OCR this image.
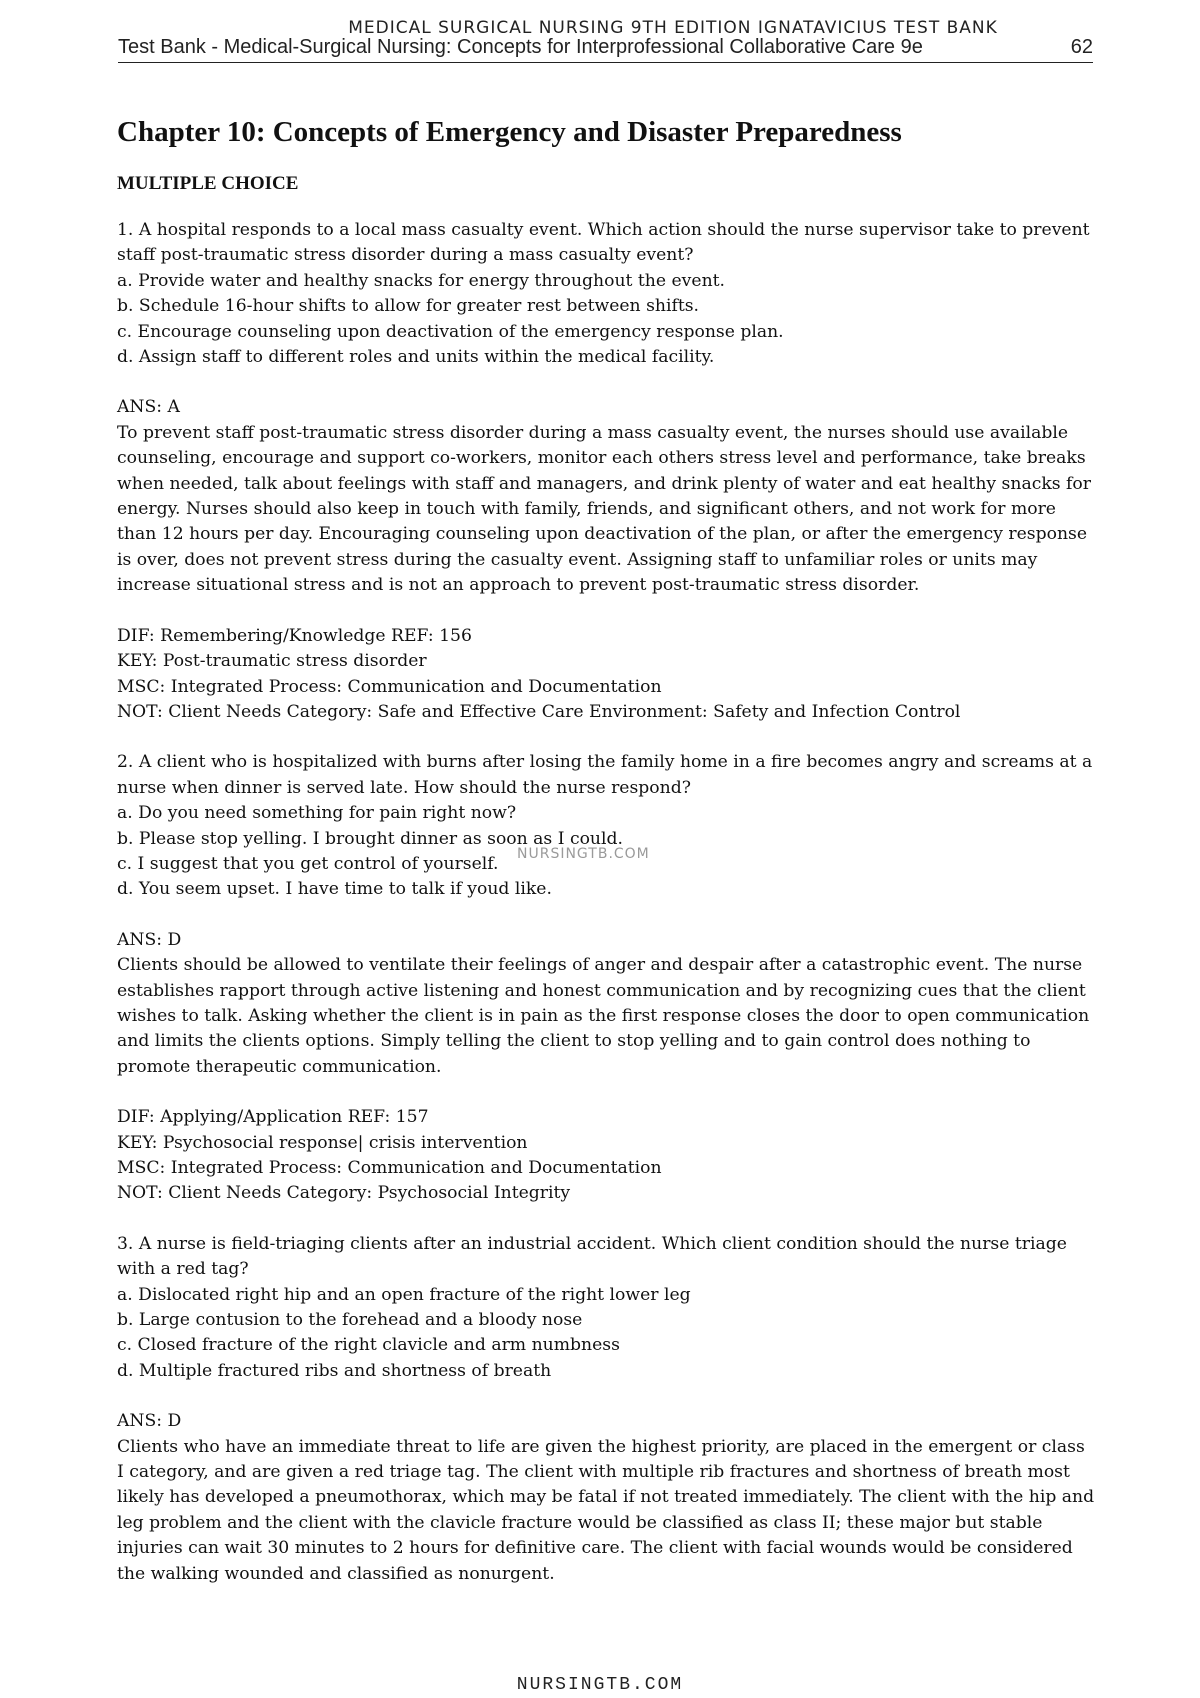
MEDICAL SURGICAL NURSING 9TH EDITION IGNATAVICIUS TEST BANK
Test Bank - Medical-Surgical Nursing: Concepts for Interprofessional Collaborative Care 9e	62
Chapter 10: Concepts of Emergency and Disaster Preparedness
MULTIPLE CHOICE

1. A hospital responds to a local mass casualty event. Which action should the nurse supervisor take to prevent staff post-traumatic stress disorder during a mass casualty event?

a. Provide water and healthy snacks for energy throughout the event.

b. Schedule 16-hour shifts to allow for greater rest between shifts.

c. Encourage counseling upon deactivation of the emergency response plan.

d. Assign staff to different roles and units within the medical facility.

ANS: A

To prevent staff post-traumatic stress disorder during a mass casualty event, the nurses should use available counseling, encourage and support co-workers, monitor each others stress level and performance, take breaks when needed, talk about feelings with staff and managers, and drink plenty of water and eat healthy snacks for energy. Nurses should also keep in touch with family, friends, and significant others, and not work for more than 12 hours per day. Encouraging counseling upon deactivation of the plan, or after the emergency response is over, does not prevent stress during the casualty event. Assigning staff to unfamiliar roles or units may increase situational stress and is not an approach to prevent post-traumatic stress disorder.

DIF: Remembering/Knowledge REF: 156

KEY: Post-traumatic stress disorder

MSC: Integrated Process: Communication and Documentation

NOT: Client Needs Category: Safe and Effective Care Environment: Safety and Infection Control

2. A client who is hospitalized with burns after losing the family home in a fire becomes angry and screams at a nurse when dinner is served late. How should the nurse respond?

a. Do you need something for pain right now?

b. Please stop yelling. I brought dinner as soon as I could.

c. I suggest that you get control of yourself.

d. You seem upset. I have time to talk if youd like.

ANS: D

Clients should be allowed to ventilate their feelings of anger and despair after a catastrophic event. The nurse establishes rapport through active listening and honest communication and by recognizing cues that the client wishes to talk. Asking whether the client is in pain as the first response closes the door to open communication and limits the clients options. Simply telling the client to stop yelling and to gain control does nothing to promote therapeutic communication.

DIF: Applying/Application REF: 157

KEY: Psychosocial response| crisis intervention

MSC: Integrated Process: Communication and Documentation

NOT: Client Needs Category: Psychosocial Integrity

3. A nurse is field-triaging clients after an industrial accident. Which client condition should the nurse triage with a red tag?

a. Dislocated right hip and an open fracture of the right lower leg

b. Large contusion to the forehead and a bloody nose

c. Closed fracture of the right clavicle and arm numbness

d. Multiple fractured ribs and shortness of breath

ANS: D

Clients who have an immediate threat to life are given the highest priority, are placed in the emergent or class I category, and are given a red triage tag. The client with multiple rib fractures and shortness of breath most likely has developed a pneumothorax, which may be fatal if not treated immediately. The client with the hip and leg problem and the client with the clavicle fracture would be classified as class II; these major but stable injuries can wait 30 minutes to 2 hours for definitive care. The client with facial wounds would be considered the walking wounded and classified as nonurgent.

NURSINGTB.COM
NURSINGTB.COM
